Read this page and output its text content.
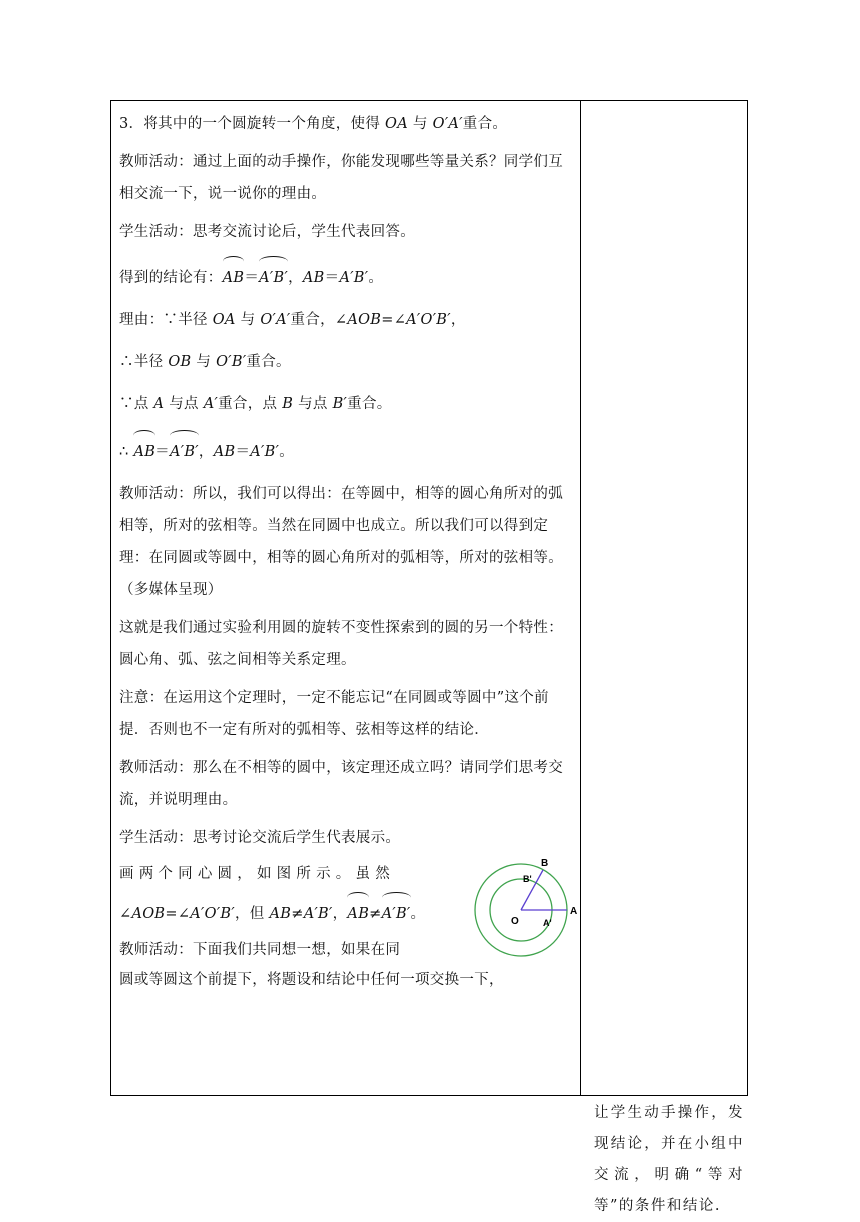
3．将其中的一个圆旋转一个角度，使得 OA 与 O′A′重合。

教师活动：通过上面的动手操作，你能发现哪些等量关系？同学们互相交流一下，说一说你的理由。

学生活动：思考交流讨论后，学生代表回答。

得到的结论有：AB＝A′B′，AB＝A′B′。

理由：∵半径 OA 与 O′A′重合，∠AOB=∠A′O′B′，

∴半径 OB 与 O′B′重合。

∵点 A 与点 A′重合，点 B 与点 B′重合。

∴ AB＝A′B′，AB＝A′B′。

教师活动：所以，我们可以得出：在等圆中，相等的圆心角所对的弧相等，所对的弦相等。当然在同圆中也成立。所以我们可以得到定理：在同圆或等圆中，相等的圆心角所对的弧相等，所对的弦相等。（多媒体呈现）

这就是我们通过实验利用圆的旋转不变性探索到的圆的另一个特性：圆心角、弧、弦之间相等关系定理。

注意：在运用这个定理时，一定不能忘记“在同圆或等圆中”这个前提．否则也不一定有所对的弧相等、弦相等这样的结论．

教师活动：那么在不相等的圆中，该定理还成立吗？请同学们思考交流，并说明理由。

学生活动：思考讨论交流后学生代表展示。

画 两 个 同 心 圆 ， 如 图 所 示 。 虽 然

∠AOB=∠A′O′B′，但 AB≠A′B′，AB≠A′B′。

教师活动：下面我们共同想一想，如果在同

B
B'
A
O	A'

圆或等圆这个前提下，将题设和结论中任何一项交换一下，

让学生动手操作，发现结论，并在小组中交流，明确“等对等”的条件和结论.
